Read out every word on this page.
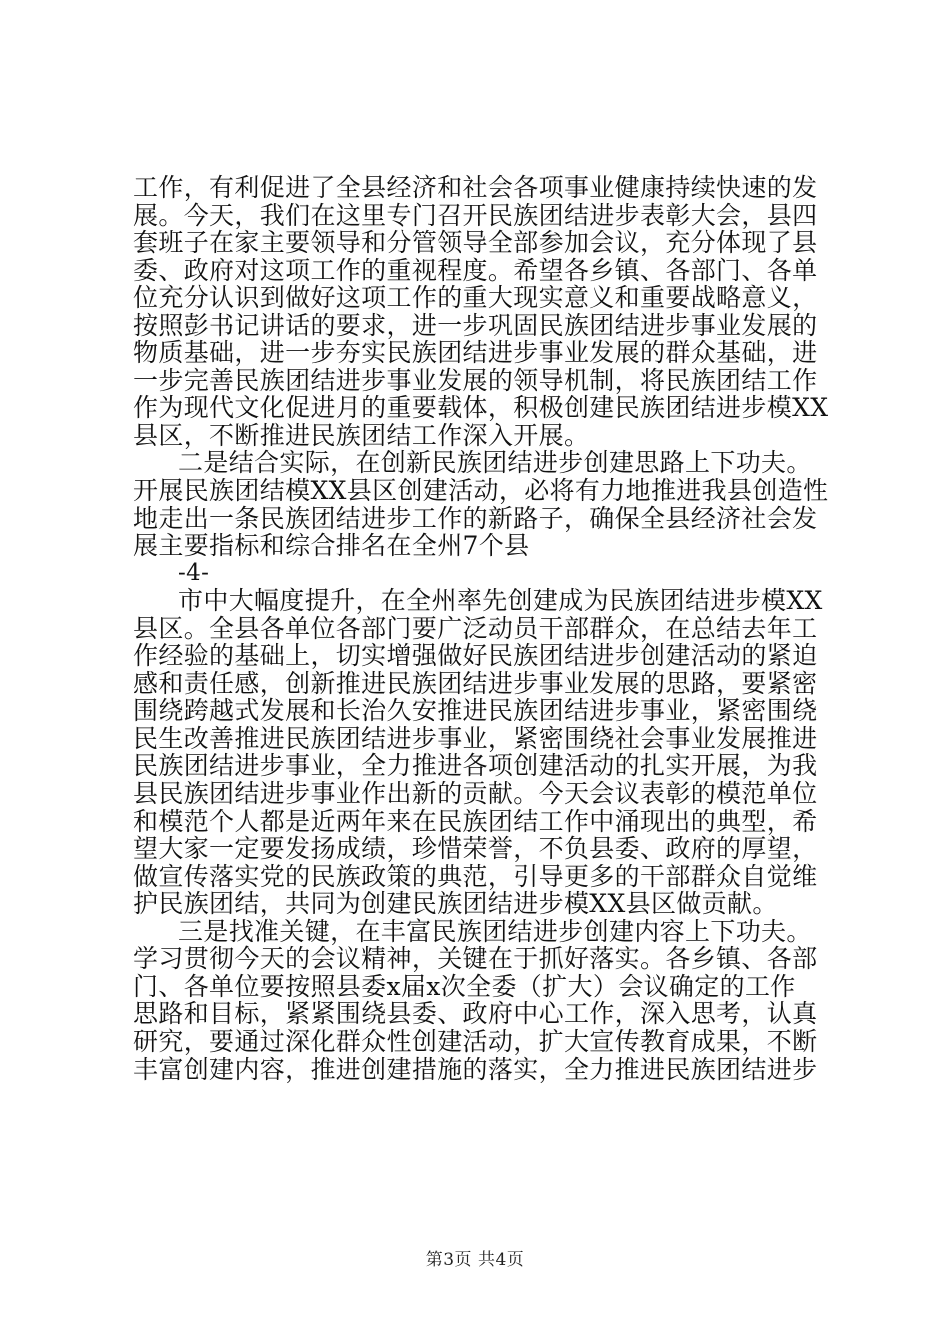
工作，有利促进了全县经济和社会各项事业健康持续快速的发
展。今天，我们在这里专门召开民族团结进步表彰大会，县四
套班子在家主要领导和分管领导全部参加会议，充分体现了县
委、政府对这项工作的重视程度。希望各乡镇、各部门、各单
位充分认识到做好这项工作的重大现实意义和重要战略意义，
按照彭书记讲话的要求，进一步巩固民族团结进步事业发展的
物质基础，进一步夯实民族团结进步事业发展的群众基础，进
一步完善民族团结进步事业发展的领导机制，将民族团结工作
作为现代文化促进月的重要载体，积极创建民族团结进步模XX
县区，不断推进民族团结工作深入开展。
二是结合实际，在创新民族团结进步创建思路上下功夫。
开展民族团结模XX县区创建活动，必将有力地推进我县创造性
地走出一条民族团结进步工作的新路子，确保全县经济社会发
展主要指标和综合排名在全州7个县
-4-
市中大幅度提升，在全州率先创建成为民族团结进步模XX
县区。全县各单位各部门要广泛动员干部群众，在总结去年工
作经验的基础上，切实增强做好民族团结进步创建活动的紧迫
感和责任感，创新推进民族团结进步事业发展的思路，要紧密
围绕跨越式发展和长治久安推进民族团结进步事业，紧密围绕
民生改善推进民族团结进步事业，紧密围绕社会事业发展推进
民族团结进步事业，全力推进各项创建活动的扎实开展，为我
县民族团结进步事业作出新的贡献。今天会议表彰的模范单位
和模范个人都是近两年来在民族团结工作中涌现出的典型，希
望大家一定要发扬成绩，珍惜荣誉，不负县委、政府的厚望，
做宣传落实党的民族政策的典范，引导更多的干部群众自觉维
护民族团结，共同为创建民族团结进步模XX县区做贡献。
三是找准关键，在丰富民族团结进步创建内容上下功夫。
学习贯彻今天的会议精神，关键在于抓好落实。各乡镇、各部
门、各单位要按照县委x届x次全委（扩大）会议确定的工作
思路和目标，紧紧围绕县委、政府中心工作，深入思考，认真
研究，要通过深化群众性创建活动，扩大宣传教育成果，不断
丰富创建内容，推进创建措施的落实，全力推进民族团结进步
第3页 共4页
